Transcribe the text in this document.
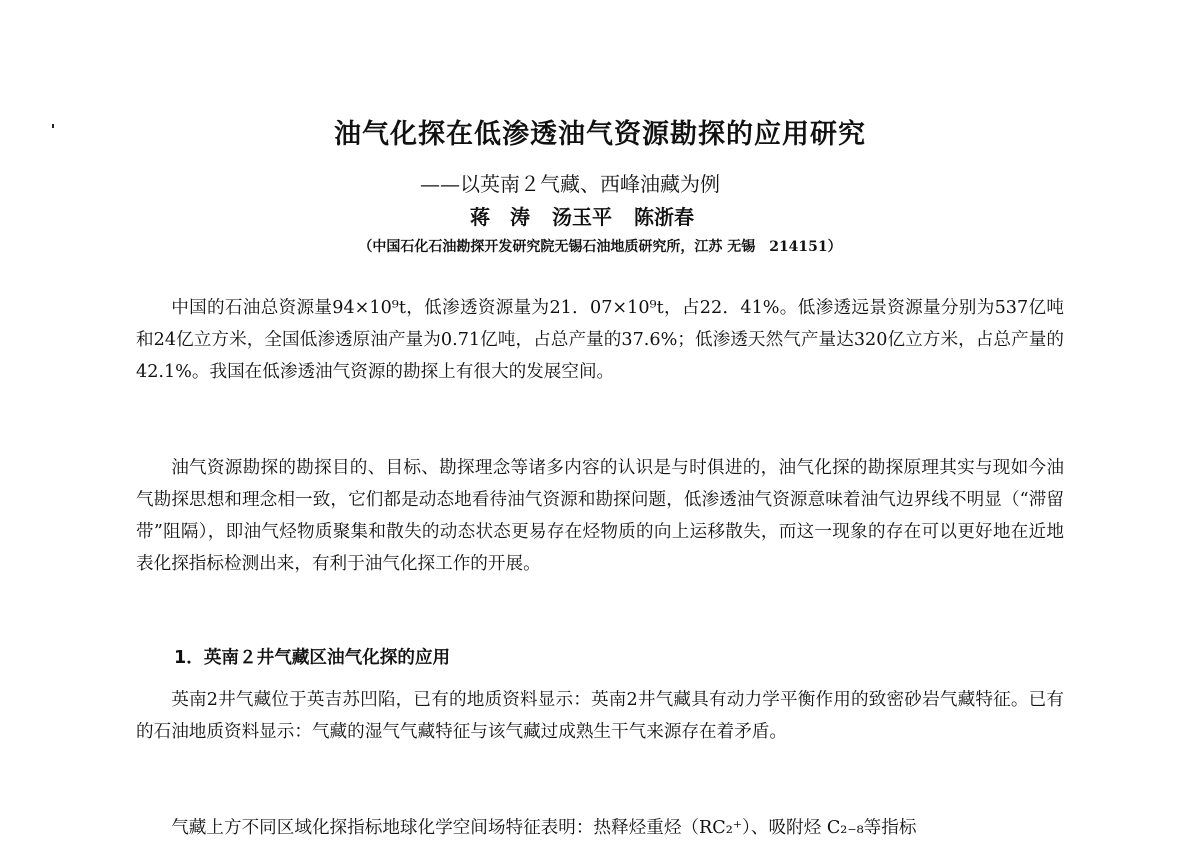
油气化探在低渗透油气资源勘探的应用研究

——以英南２气藏、西峰油藏为例

蒋　涛 汤玉平 陈浙春

（中国石化石油勘探开发研究院无锡石油地质研究所，江苏 无锡　214151）

中国的石油总资源量94×10⁹t，低渗透资源量为21．07×10⁹t，占22．41%。低渗透远景资源量分别为537亿吨和24亿立方米，全国低渗透原油产量为0.71亿吨，占总产量的37.6%；低渗透天然气产量达320亿立方米，占总产量的42.1%。我国在低渗透油气资源的勘探上有很大的发展空间。

油气资源勘探的勘探目的、目标、勘探理念等诸多内容的认识是与时俱进的，油气化探的勘探原理其实与现如今油气勘探思想和理念相一致，它们都是动态地看待油气资源和勘探问题，低渗透油气资源意味着油气边界线不明显（“滞留带”阻隔），即油气烃物质聚集和散失的动态状态更易存在烃物质的向上运移散失，而这一现象的存在可以更好地在近地表化探指标检测出来，有利于油气化探工作的开展。

1．英南２井气藏区油气化探的应用

英南2井气藏位于英吉苏凹陷，已有的地质资料显示：英南2井气藏具有动力学平衡作用的致密砂岩气藏特征。已有的石油地质资料显示：气藏的湿气气藏特征与该气藏过成熟生干气来源存在着矛盾。

气藏上方不同区域化探指标地球化学空间场特征表明：热释烃重烃（RC₂⁺）、吸附烃 C₂₋₈等指标
